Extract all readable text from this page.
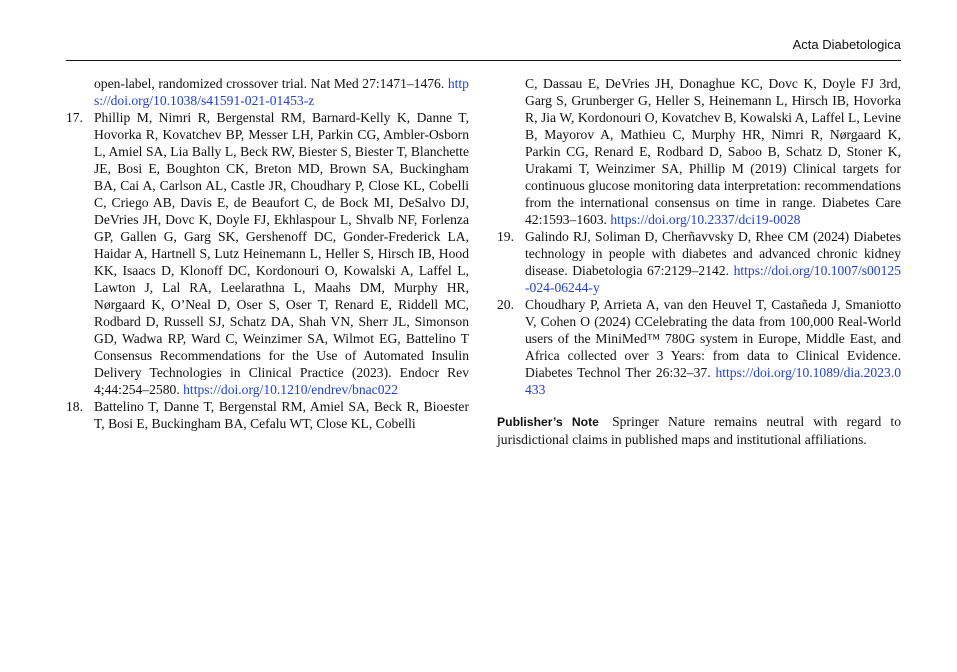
Acta Diabetologica
open-label, randomized crossover trial. Nat Med 27:1471–1476. https://doi.org/10.1038/s41591-021-01453-z
17. Phillip M, Nimri R, Bergenstal RM, Barnard-Kelly K, Danne T, Hovorka R, Kovatchev BP, Messer LH, Parkin CG, Ambler-Osborn L, Amiel SA, Lia Bally L, Beck RW, Biester S, Biester T, Blanchette JE, Bosi E, Boughton CK, Breton MD, Brown SA, Buckingham BA, Cai A, Carlson AL, Castle JR, Choudhary P, Close KL, Cobelli C, Criego AB, Davis E, de Beaufort C, de Bock MI, DeSalvo DJ, DeVries JH, Dovc K, Doyle FJ, Ekhlaspour L, Shvalb NF, Forlenza GP, Gallen G, Garg SK, Gershenoff DC, Gonder-Frederick LA, Haidar A, Hartnell S, Lutz Heinemann L, Heller S, Hirsch IB, Hood KK, Isaacs D, Klonoff DC, Kordonouri O, Kowalski A, Laffel L, Lawton J, Lal RA, Leelarathna L, Maahs DM, Murphy HR, Nørgaard K, O’Neal D, Oser S, Oser T, Renard E, Riddell MC, Rodbard D, Russell SJ, Schatz DA, Shah VN, Sherr JL, Simonson GD, Wadwa RP, Ward C, Weinzimer SA, Wilmot EG, Battelino T Consensus Recommendations for the Use of Automated Insulin Delivery Technologies in Clinical Practice (2023). Endocr Rev 4;44:254–2580. https://doi.org/10.1210/endrev/bnac022
18. Battelino T, Danne T, Bergenstal RM, Amiel SA, Beck R, Bioester T, Bosi E, Buckingham BA, Cefalu WT, Close KL, Cobelli
C, Dassau E, DeVries JH, Donaghue KC, Dovc K, Doyle FJ 3rd, Garg S, Grunberger G, Heller S, Heinemann L, Hirsch IB, Hovorka R, Jia W, Kordonouri O, Kovatchev B, Kowalski A, Laffel L, Levine B, Mayorov A, Mathieu C, Murphy HR, Nimri R, Nørgaard K, Parkin CG, Renard E, Rodbard D, Saboo B, Schatz D, Stoner K, Urakami T, Weinzimer SA, Phillip M (2019) Clinical targets for continuous glucose monitoring data interpretation: recommendations from the international consensus on time in range. Diabetes Care 42:1593–1603. https://doi.org/10.2337/dci19-0028
19. Galindo RJ, Soliman D, Cherñavvsky D, Rhee CM (2024) Diabetes technology in people with diabetes and advanced chronic kidney disease. Diabetologia 67:2129–2142. https://doi.org/10.1007/s00125-024-06244-y
20. Choudhary P, Arrieta A, van den Heuvel T, Castañeda J, Smaniotto V, Cohen O (2024) CCelebrating the data from 100,000 Real-World users of the MiniMed™ 780G system in Europe, Middle East, and Africa collected over 3 Years: from data to Clinical Evidence. Diabetes Technol Ther 26:32–37. https://doi.org/10.1089/dia.2023.0433
Publisher’s Note Springer Nature remains neutral with regard to jurisdictional claims in published maps and institutional affiliations.
